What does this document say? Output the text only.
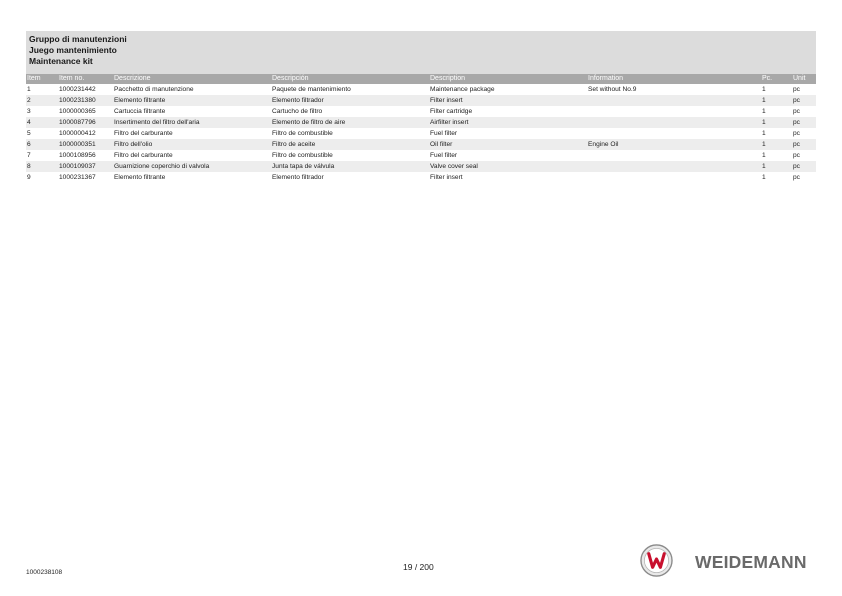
Gruppo di manutenzioni
Juego mantenimiento
Maintenance kit
Item	Item no.	Descrizione	Descripción	Description	Information	Pc.	Unit
1	1000231442	Pacchetto di manutenzione	Paquete de mantenimiento	Maintenance package	Set without No.9	1	pc
2	1000231380	Elemento filtrante	Elemento filtrador	Filter insert		1	pc
3	1000000365	Cartuccia filtrante	Cartucho de filtro	Filter cartridge		1	pc
4	1000087796	Insertimento del filtro dell'aria	Elemento de filtro de aire	Airfilter insert		1	pc
5	1000000412	Filtro del carburante	Filtro de combustible	Fuel filter		1	pc
6	1000000351	Filtro dell'olio	Filtro de aceite	Oil filter	Engine Oil	1	pc
7	1000108956	Filtro del carburante	Filtro de combustible	Fuel filter		1	pc
8	1000109037	Guarnizione coperchio di valvola	Junta tapa de válvula	Valve cover seal		1	pc
9	1000231367	Elemento filtrante	Elemento filtrador	Filter insert		1	pc
1000238108
19 / 200	WEIDEMANN
